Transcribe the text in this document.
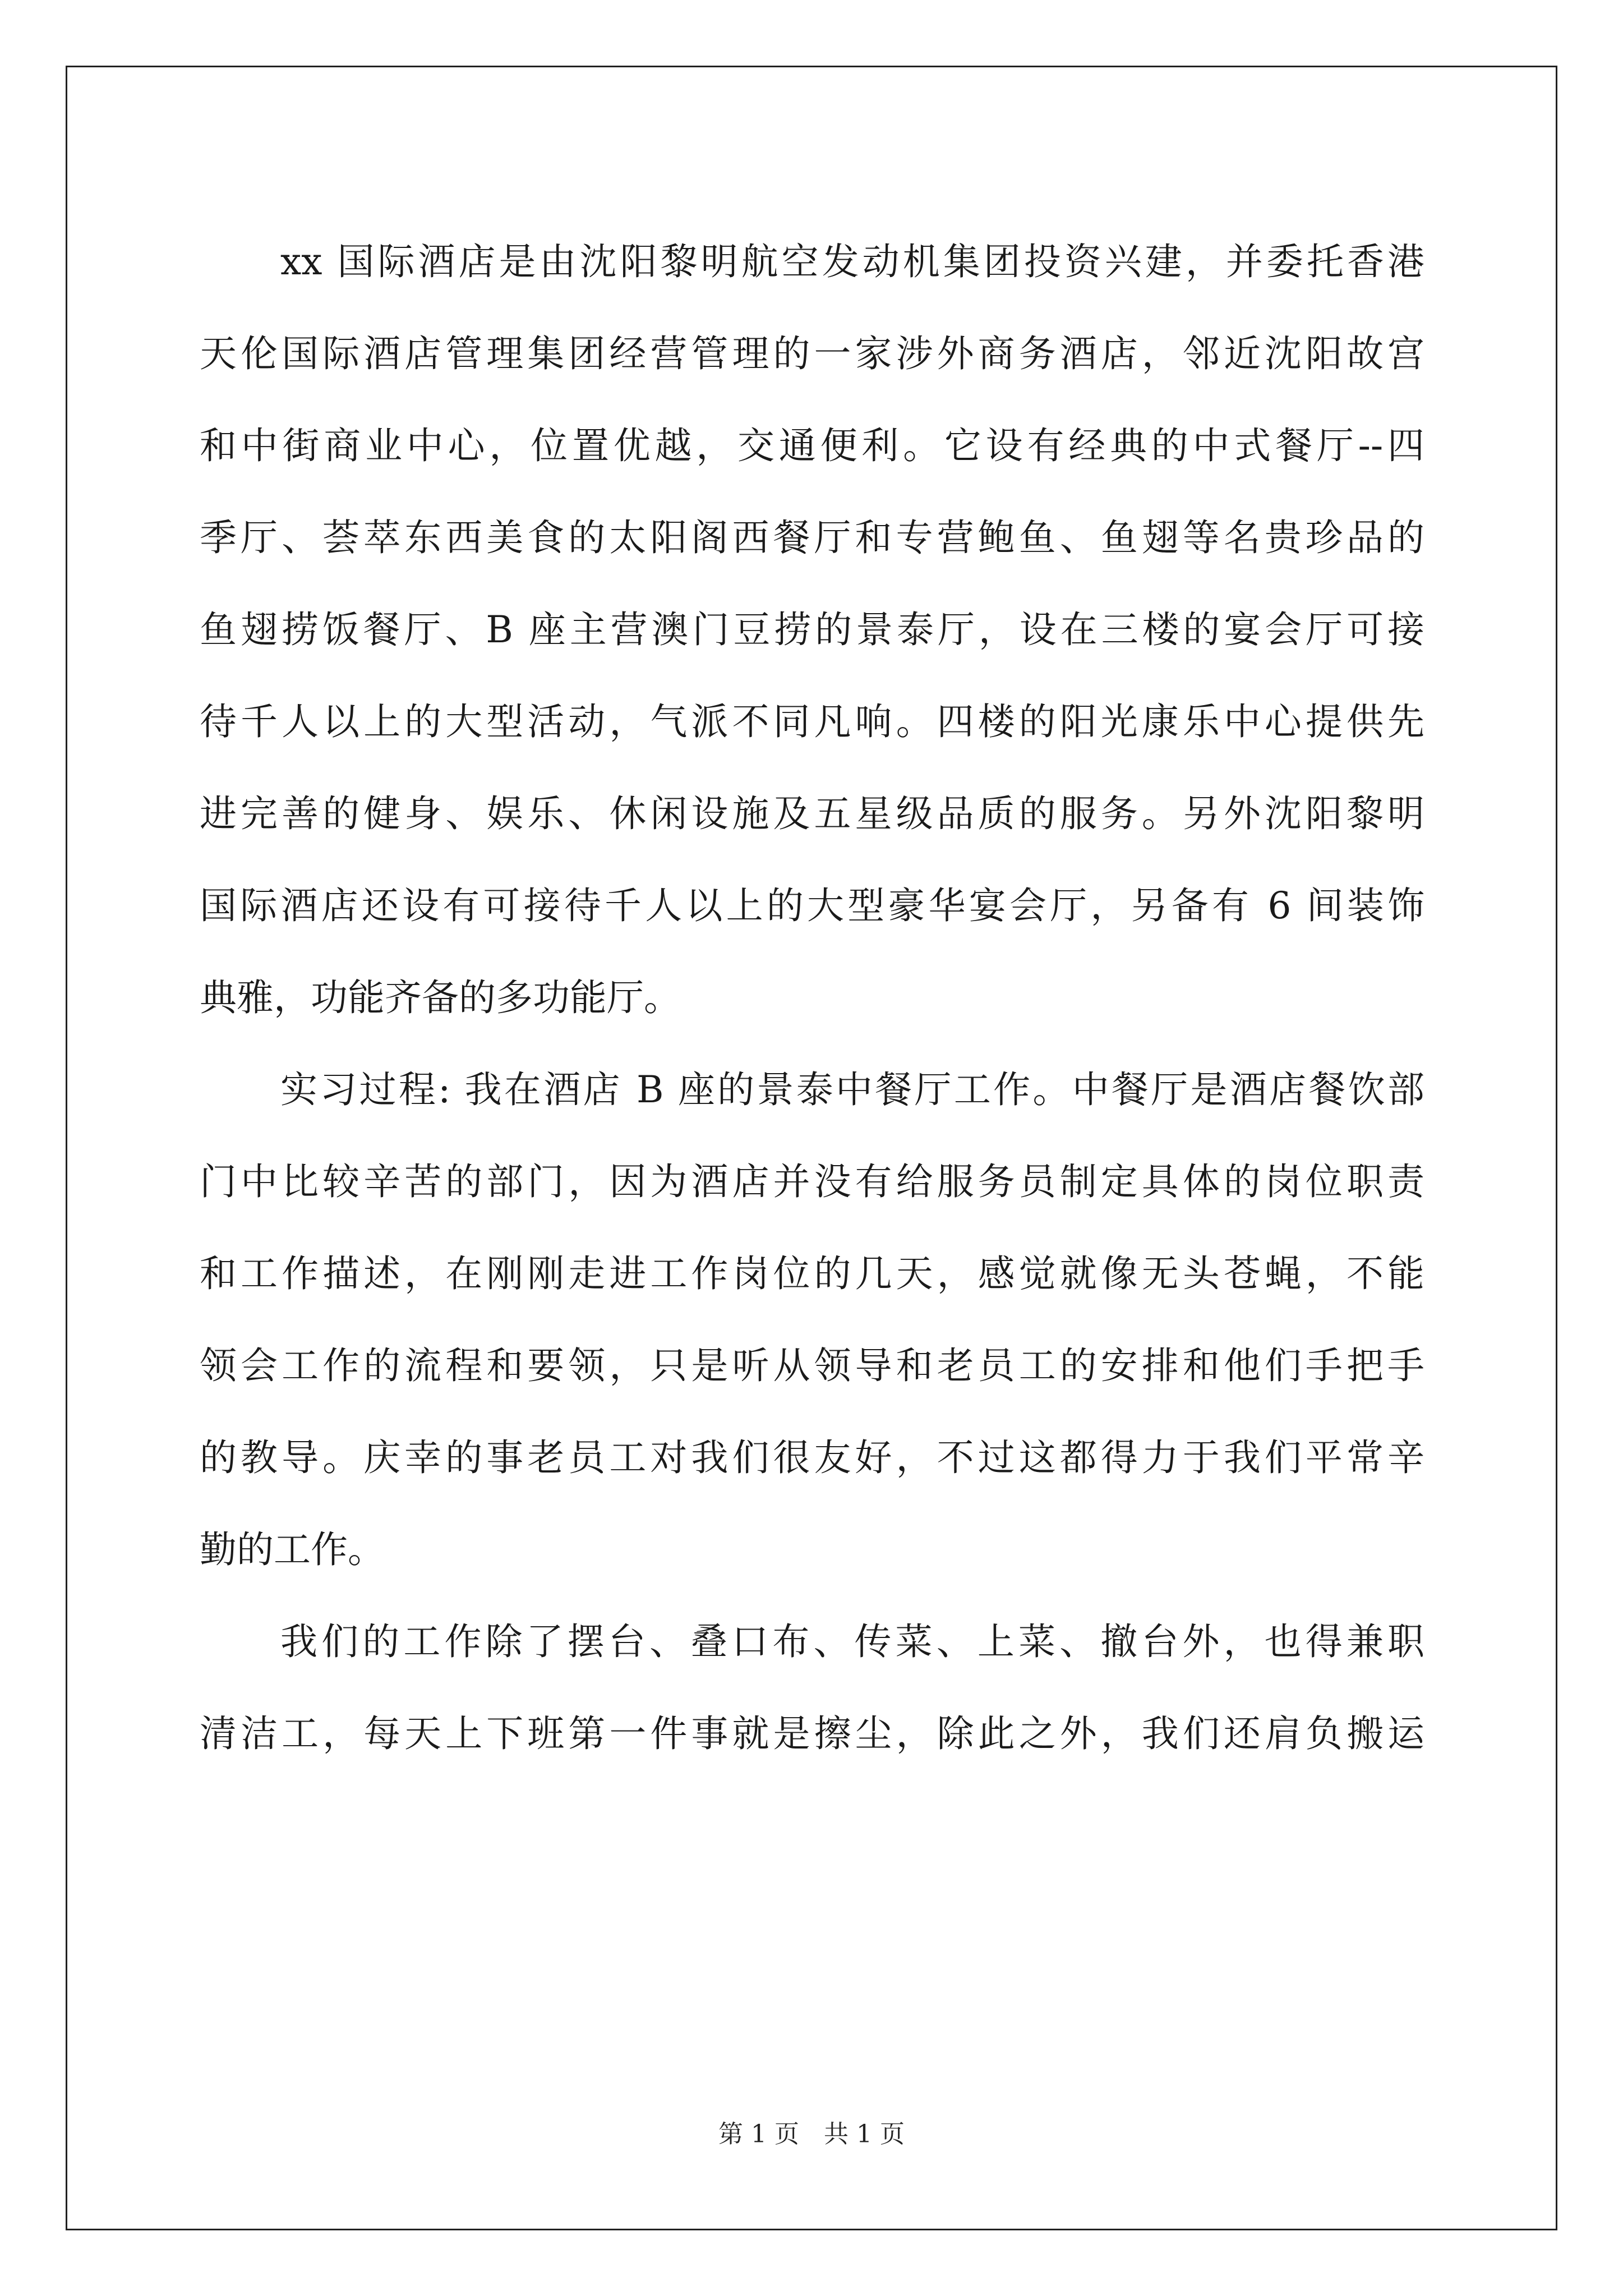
xx 国际酒店是由沈阳黎明航空发动机集团投资兴建，并委托香港
天伦国际酒店管理集团经营管理的一家涉外商务酒店，邻近沈阳故宫
和中街商业中心，位置优越，交通便利。它设有经典的中式餐厅--四
季厅、荟萃东西美食的太阳阁西餐厅和专营鲍鱼、鱼翅等名贵珍品的
鱼翅捞饭餐厅、B 座主营澳门豆捞的景泰厅，设在三楼的宴会厅可接
待千人以上的大型活动，气派不同凡响。四楼的阳光康乐中心提供先
进完善的健身、娱乐、休闲设施及五星级品质的服务。另外沈阳黎明
国际酒店还设有可接待千人以上的大型豪华宴会厅，另备有 6 间装饰
典雅，功能齐备的多功能厅。
实习过程: 我在酒店 B 座的景泰中餐厅工作。中餐厅是酒店餐饮部
门中比较辛苦的部门，因为酒店并没有给服务员制定具体的岗位职责
和工作描述，在刚刚走进工作岗位的几天，感觉就像无头苍蝇，不能
领会工作的流程和要领，只是听从领导和老员工的安排和他们手把手
的教导。庆幸的事老员工对我们很友好，不过这都得力于我们平常辛
勤的工作。
我们的工作除了摆台、叠口布、传菜、上菜、撤台外，也得兼职
清洁工，每天上下班第一件事就是擦尘，除此之外，我们还肩负搬运
第 1 页　共 1 页
